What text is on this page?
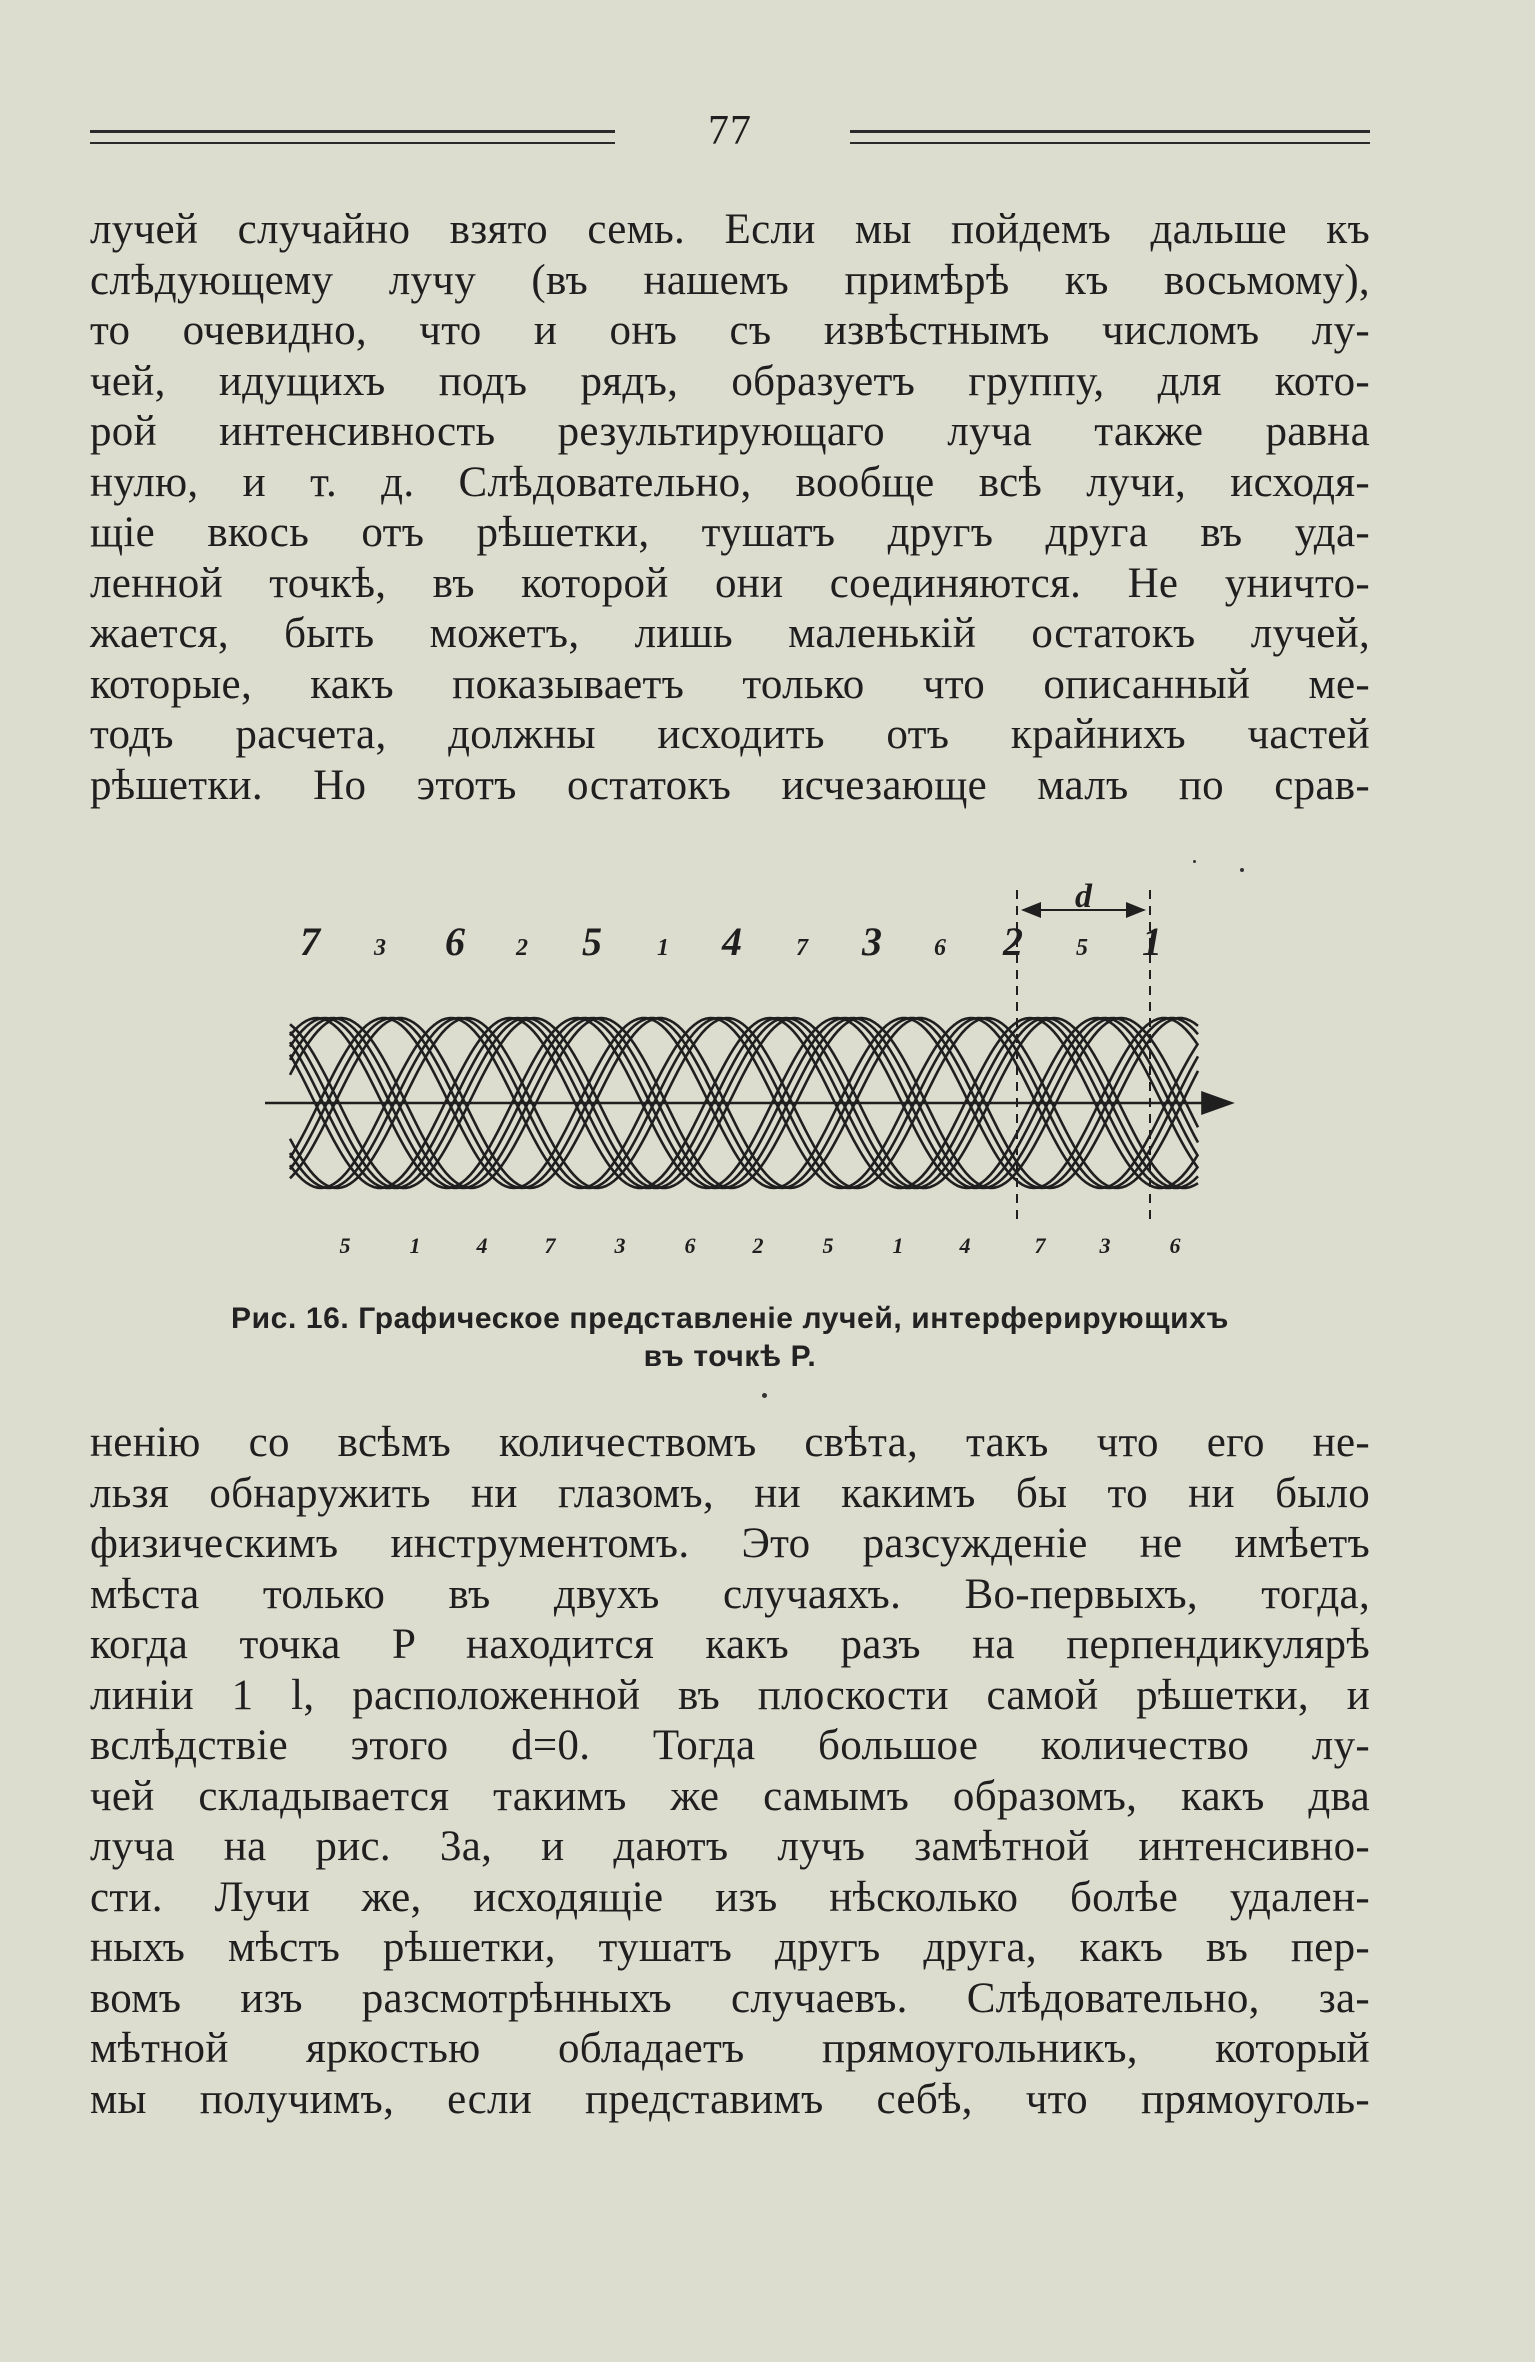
77
лучей случайно взято семь. Если мы пойдемъ дальше къ
слѣдующему лучу (въ нашемъ примѣрѣ къ восьмому),
то очевидно, что и онъ съ извѣстнымъ числомъ лу-
чей, идущихъ подъ рядъ, образуетъ группу, для кото-
рой интенсивность результирующаго луча также равна
нулю, и т. д. Слѣдовательно, вообще всѣ лучи, исходя-
щіе вкось отъ рѣшетки, тушатъ другъ друга въ уда-
ленной точкѣ, въ которой они соединяются. Не уничто-
жается, быть можетъ, лишь маленькій остатокъ лучей,
которые, какъ показываетъ только что описанный ме-
тодъ расчета, должны исходить отъ крайнихъ частей
рѣшетки. Но этотъ остатокъ исчезающе малъ по срав-
d
7 3 6 2 5 1 4 7 3 6 2 5 1
5	1	4	7	3	6	2	5	1	4	7 3	6
Рис. 16. Графическое представленіе лучей, интерферирующихъ
въ точкѣ P.
ненію со всѣмъ количествомъ свѣта, такъ что его не-
льзя обнаружить ни глазомъ, ни какимъ бы то ни было
физическимъ инструментомъ. Это разсужденіе не имѣетъ
мѣста только въ двухъ случаяхъ. Во-первыхъ, тогда,
когда точка P находится какъ разъ на перпендикулярѣ
линіи 1 l, расположенной въ плоскости самой рѣшетки, и
вслѣдствіе этого d=0. Тогда большое количество лу-
чей складывается такимъ же самымъ образомъ, какъ два
луча на рис. 3a, и даютъ лучъ замѣтной интенсивно-
сти. Лучи же, исходящіе изъ нѣсколько болѣе удален-
ныхъ мѣстъ рѣшетки, тушатъ другъ друга, какъ въ пер-
вомъ изъ разсмотрѣнныхъ случаевъ. Слѣдовательно, за-
мѣтной яркостью обладаетъ прямоугольникъ, который
мы получимъ, если представимъ себѣ, что прямоуголь-
